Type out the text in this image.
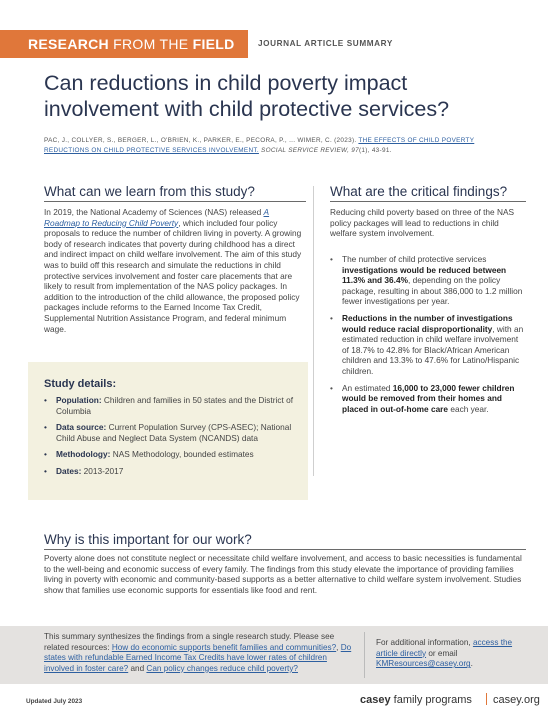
RESEARCH FROM THE FIELD	JOURNAL ARTICLE SUMMARY
Can reductions in child poverty impact involvement with child protective services?
PAC, J., COLLYER, S., BERGER, L., O'BRIEN, K., PARKER, E., PECORA, P., ... WIMER, C. (2023). THE EFFECTS OF CHILD POVERTY REDUCTIONS ON CHILD PROTECTIVE SERVICES INVOLVEMENT. SOCIAL SERVICE REVIEW, 97(1), 43-91.
What can we learn from this study?

In 2019, the National Academy of Sciences (NAS) released A Roadmap to Reducing Child Poverty, which included four policy proposals to reduce the number of children living in poverty. A growing body of research indicates that poverty during childhood has a direct and indirect impact on child welfare involvement. The aim of this study was to build off this research and simulate the reductions in child protective services involvement and foster care placements that are likely to result from implementation of the NAS policy packages. In addition to the introduction of the child allowance, the proposed policy packages include reforms to the Earned Income Tax Credit, Supplemental Nutrition Assistance Program, and federal minimum wage.

Study details:
• Population: Children and families in 50 states and the District of Columbia
• Data source: Current Population Survey (CPS-ASEC); National Child Abuse and Neglect Data System (NCANDS) data
• Methodology: NAS Methodology, bounded estimates
• Dates: 2013-2017
What are the critical findings?

Reducing child poverty based on three of the NAS policy packages will lead to reductions in child welfare system involvement.

• The number of child protective services investigations would be reduced between 11.3% and 36.4%, depending on the policy package, resulting in about 386,000 to 1.2 million fewer investigations per year.
• Reductions in the number of investigations would reduce racial disproportionality, with an estimated reduction in child welfare involvement of 18.7% to 42.8% for Black/African American children and 13.3% to 47.6% for Latino/Hispanic children.
• An estimated 16,000 to 23,000 fewer children would be removed from their homes and placed in out-of-home care each year.
Why is this important for our work?

Poverty alone does not constitute neglect or necessitate child welfare involvement, and access to basic necessities is fundamental to the well-being and economic success of every family. The findings from this study elevate the importance of providing families living in poverty with economic and community-based supports as a better alternative to child welfare system involvement. Studies show that families use economic supports for essentials like food and rent.

This summary synthesizes the findings from a single research study. Please see related resources: How do economic supports benefit families and communities?, Do states with refundable Earned Income Tax Credits have lower rates of children involved in foster care? and Can policy changes reduce child poverty?
For additional information, access the article directly or email KMResources@casey.org.
Updated July 2023	casey family programs casey.org
